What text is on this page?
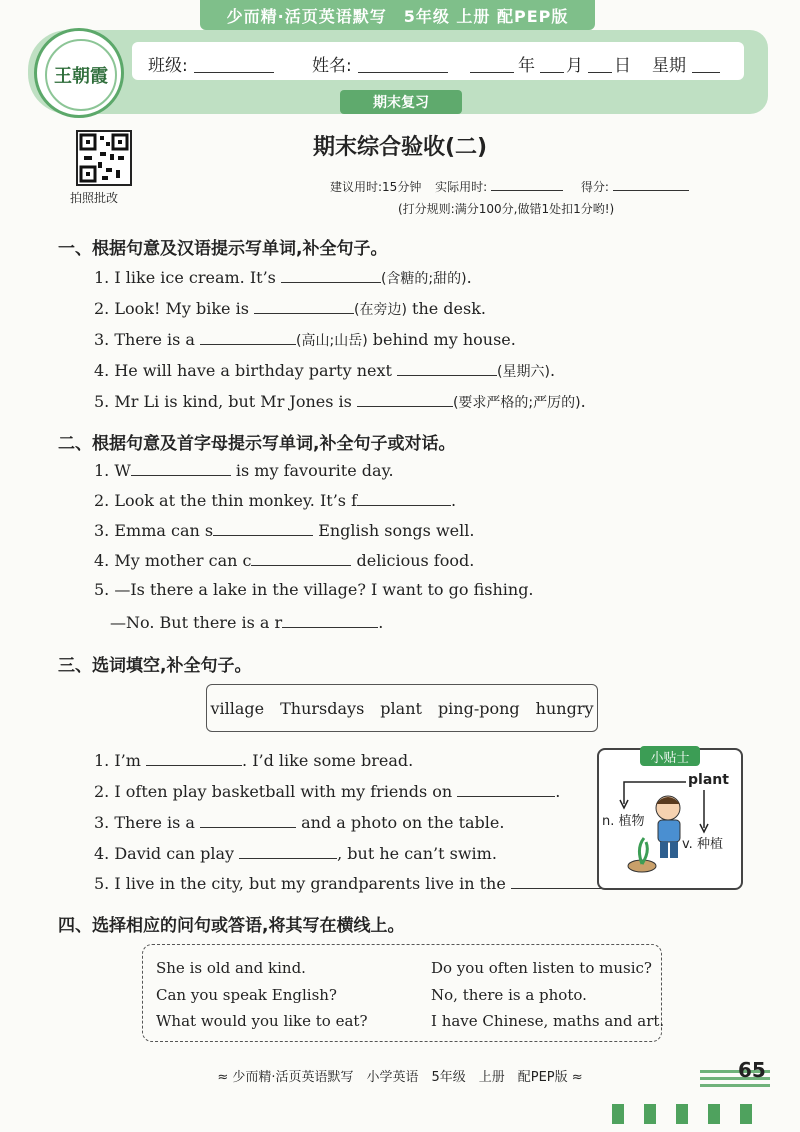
少而精·活页英语默写　5年级 上册 配PEP版
王朝霞	班级:	姓名:	年 月 日 星期
期末复习
拍照批改
期末综合验收(二)
建议用时:15分钟 实际用时:	得分:
(打分规则:满分100分,做错1处扣1分哟!)
一、根据句意及汉语提示写单词,补全句子。
1. I like ice cream. It’s	(含糖的;甜的).
2. Look! My bike is	(在旁边) the desk.
3. There is a	(高山;山岳) behind my house.
4. He will have a birthday party next	(星期六).
5. Mr Li is kind, but Mr Jones is	(要求严格的;严厉的).
二、根据句意及首字母提示写单词,补全句子或对话。
1. W	is my favourite day.
2. Look at the thin monkey. It’s f	.
3. Emma can s	English songs well.
4. My mother can c	delicious food.
5. —Is there a lake in the village? I want to go fishing.
—No. But there is a r	.
三、选词填空,补全句子。
village Thursdays plant ping-pong hungry
1. I’m	. I’d like some bread.
2. I often play basketball with my friends on	.
3. There is a	and a photo on the table.
4. David can play	, but he can’t swim.
5. I live in the city, but my grandparents live in the
小贴士
plant
n. 植物
v. 种植
四、选择相应的问句或答语,将其写在横线上。
She is old and kind.
Can you speak English?
What would you like to eat?
Do you often listen to music?
No, there is a photo.
I have Chinese, maths and art.
≈ 少而精·活页英语默写　小学英语　5年级　上册　配PEP版 ≈	65
